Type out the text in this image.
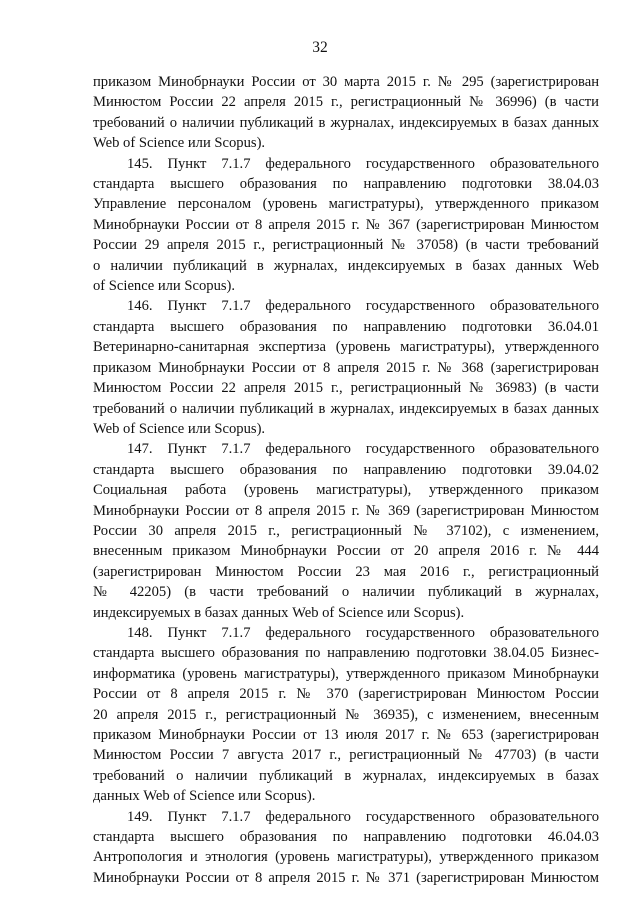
32
приказом Минобрнауки России от 30 марта 2015 г. № 295 (зарегистрирован
Минюстом России 22 апреля 2015 г., регистрационный № 36996) (в части
требований о наличии публикаций в журналах, индексируемых в базах данных
Web of Science или Scopus).
145. Пункт 7.1.7 федерального государственного образовательного
стандарта высшего образования по направлению подготовки 38.04.03
Управление персоналом (уровень магистратуры), утвержденного приказом
Минобрнауки России от 8 апреля 2015 г. № 367 (зарегистрирован Минюстом
России 29 апреля 2015 г., регистрационный № 37058) (в части требований
о наличии публикаций в журналах, индексируемых в базах данных Web
of Science или Scopus).
146. Пункт 7.1.7 федерального государственного образовательного
стандарта высшего образования по направлению подготовки 36.04.01
Ветеринарно-санитарная экспертиза (уровень магистратуры), утвержденного
приказом Минобрнауки России от 8 апреля 2015 г. № 368 (зарегистрирован
Минюстом России 22 апреля 2015 г., регистрационный № 36983) (в части
требований о наличии публикаций в журналах, индексируемых в базах данных
Web of Science или Scopus).
147. Пункт 7.1.7 федерального государственного образовательного
стандарта высшего образования по направлению подготовки 39.04.02
Социальная работа (уровень магистратуры), утвержденного приказом
Минобрнауки России от 8 апреля 2015 г. № 369 (зарегистрирован Минюстом
России 30 апреля 2015 г., регистрационный № 37102), с изменением,
внесенным приказом Минобрнауки России от 20 апреля 2016 г. № 444
(зарегистрирован Минюстом России 23 мая 2016 г., регистрационный
№ 42205) (в части требований о наличии публикаций в журналах,
индексируемых в базах данных Web of Science или Scopus).
148. Пункт 7.1.7 федерального государственного образовательного
стандарта высшего образования по направлению подготовки 38.04.05 Бизнес-
информатика (уровень магистратуры), утвержденного приказом Минобрнауки
России от 8 апреля 2015 г. № 370 (зарегистрирован Минюстом России
20 апреля 2015 г., регистрационный № 36935), с изменением, внесенным
приказом Минобрнауки России от 13 июля 2017 г. № 653 (зарегистрирован
Минюстом России 7 августа 2017 г., регистрационный № 47703) (в части
требований о наличии публикаций в журналах, индексируемых в базах
данных Web of Science или Scopus).
149. Пункт 7.1.7 федерального государственного образовательного
стандарта высшего образования по направлению подготовки 46.04.03
Антропология и этнология (уровень магистратуры), утвержденного приказом
Минобрнауки России от 8 апреля 2015 г. № 371 (зарегистрирован Минюстом
